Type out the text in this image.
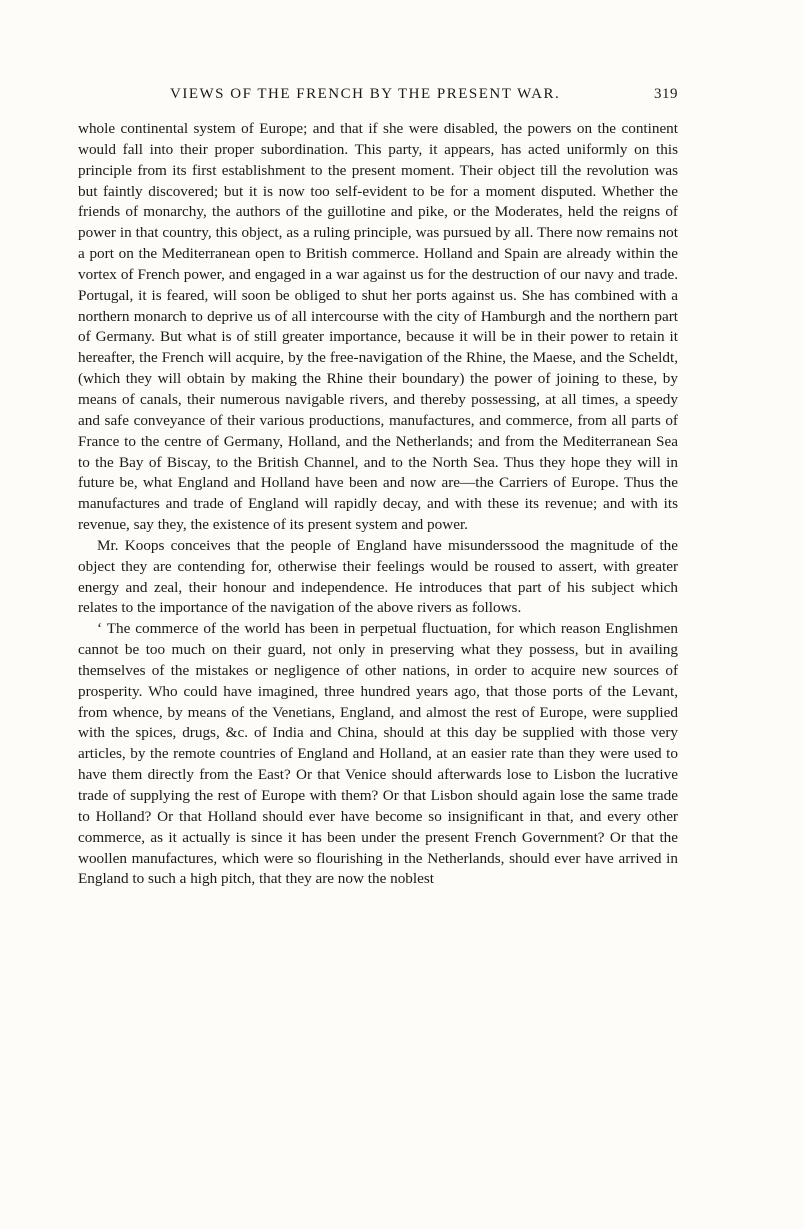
VIEWS OF THE FRENCH BY THE PRESENT WAR.	319

whole continental system of Europe; and that if she were disabled, the powers on the continent would fall into their proper subordination. This party, it appears, has acted uniformly on this principle from its first establishment to the present moment. Their object till the revolution was but faintly discovered; but it is now too self-evident to be for a moment disputed. Whether the friends of monarchy, the authors of the guillotine and pike, or the Moderates, held the reigns of power in that country, this object, as a ruling principle, was pursued by all. There now remains not a port on the Mediterranean open to British commerce. Holland and Spain are already within the vortex of French power, and engaged in a war against us for the destruction of our navy and trade. Portugal, it is feared, will soon be obliged to shut her ports against us. She has combined with a northern monarch to deprive us of all intercourse with the city of Hamburgh and the northern part of Germany. But what is of still greater importance, because it will be in their power to retain it hereafter, the French will acquire, by the free-navigation of the Rhine, the Maese, and the Scheldt, (which they will obtain by making the Rhine their boundary) the power of joining to these, by means of canals, their numerous navigable rivers, and thereby possessing, at all times, a speedy and safe conveyance of their various productions, manufactures, and commerce, from all parts of France to the centre of Germany, Holland, and the Netherlands; and from the Mediterranean Sea to the Bay of Biscay, to the British Channel, and to the North Sea. Thus they hope they will in future be, what England and Holland have been and now are—the Carriers of Europe. Thus the manufactures and trade of England will rapidly decay, and with these its revenue; and with its revenue, say they, the existence of its present system and power.

Mr. Koops conceives that the people of England have misunderssood the magnitude of the object they are contending for, otherwise their feelings would be roused to assert, with greater energy and zeal, their honour and independence. He introduces that part of his subject which relates to the importance of the navigation of the above rivers as follows.

‘ The commerce of the world has been in perpetual fluctuation, for which reason Englishmen cannot be too much on their guard, not only in preserving what they possess, but in availing themselves of the mistakes or negligence of other nations, in order to acquire new sources of prosperity. Who could have imagined, three hundred years ago, that those ports of the Levant, from whence, by means of the Venetians, England, and almost the rest of Europe, were supplied with the spices, drugs, &c. of India and China, should at this day be supplied with those very articles, by the remote countries of England and Holland, at an easier rate than they were used to have them directly from the East? Or that Venice should afterwards lose to Lisbon the lucrative trade of supplying the rest of Europe with them? Or that Lisbon should again lose the same trade to Holland? Or that Holland should ever have become so insignificant in that, and every other commerce, as it actually is since it has been under the present French Government? Or that the woollen manufactures, which were so flourishing in the Netherlands, should ever have arrived in England to such a high pitch, that they are now the noblest
